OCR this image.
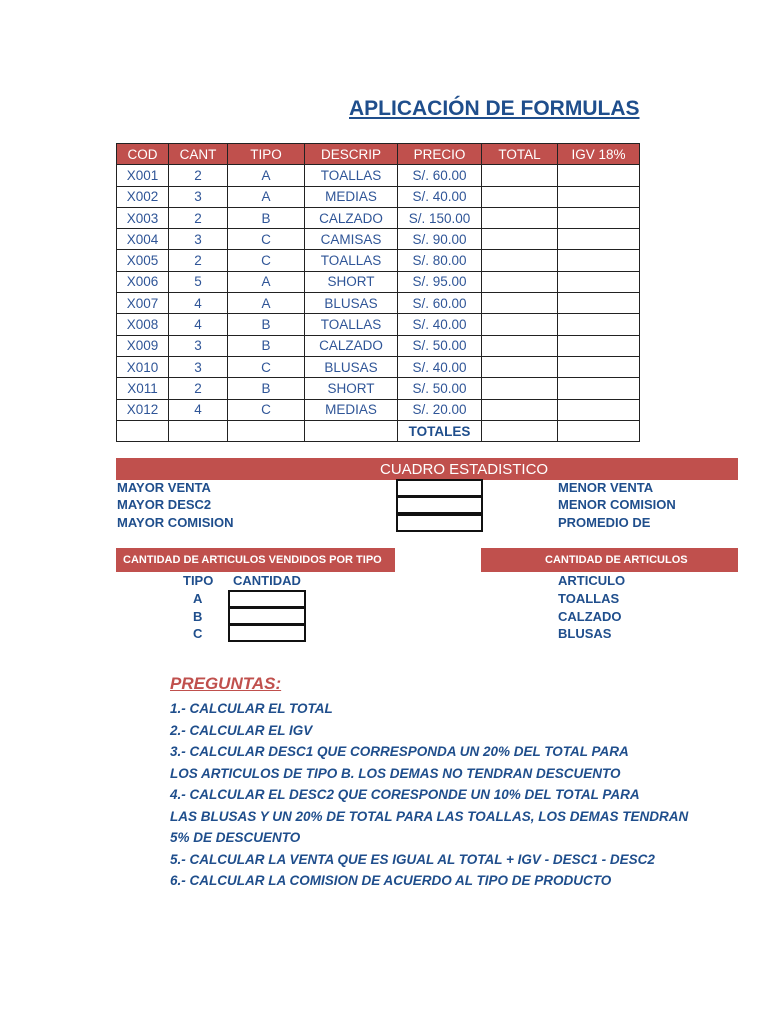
APLICACIÓN DE FORMULAS
COD	CANT	TIPO	DESCRIP	PRECIO	TOTAL	IGV 18%
X001	2	A	TOALLAS	S/. 60.00		
X002	3	A	MEDIAS	S/. 40.00		
X003	2	B	CALZADO	S/. 150.00		
X004	3	C	CAMISAS	S/. 90.00		
X005	2	C	TOALLAS	S/. 80.00		
X006	5	A	SHORT	S/. 95.00		
X007	4	A	BLUSAS	S/. 60.00		
X008	4	B	TOALLAS	S/. 40.00		
X009	3	B	CALZADO	S/. 50.00		
X010	3	C	BLUSAS	S/. 40.00		
X011	2	B	SHORT	S/. 50.00		
X012	4	C	MEDIAS	S/. 20.00		
				TOTALES		
CUADRO ESTADISTICO
MAYOR VENTA
MAYOR DESC2
MAYOR COMISION
MENOR VENTA
MENOR COMISION
PROMEDIO DE
CANTIDAD DE ARTICULOS VENDIDOS POR TIPO
TIPO CANTIDAD
A
B
C
CANTIDAD DE ARTICULOS
ARTICULO
TOALLAS
CALZADO
BLUSAS
PREGUNTAS:
1.- CALCULAR EL TOTAL
2.- CALCULAR EL IGV
3.- CALCULAR DESC1 QUE CORRESPONDA UN 20% DEL TOTAL PARA
LOS ARTICULOS DE TIPO B. LOS DEMAS NO TENDRAN DESCUENTO
4.- CALCULAR EL DESC2 QUE CORESPONDE UN 10% DEL TOTAL PARA
LAS BLUSAS Y UN 20% DE TOTAL PARA LAS TOALLAS, LOS DEMAS TENDRAN
5% DE DESCUENTO
5.- CALCULAR LA VENTA QUE ES IGUAL AL TOTAL + IGV - DESC1 - DESC2
6.- CALCULAR LA COMISION DE ACUERDO AL TIPO DE PRODUCTO
